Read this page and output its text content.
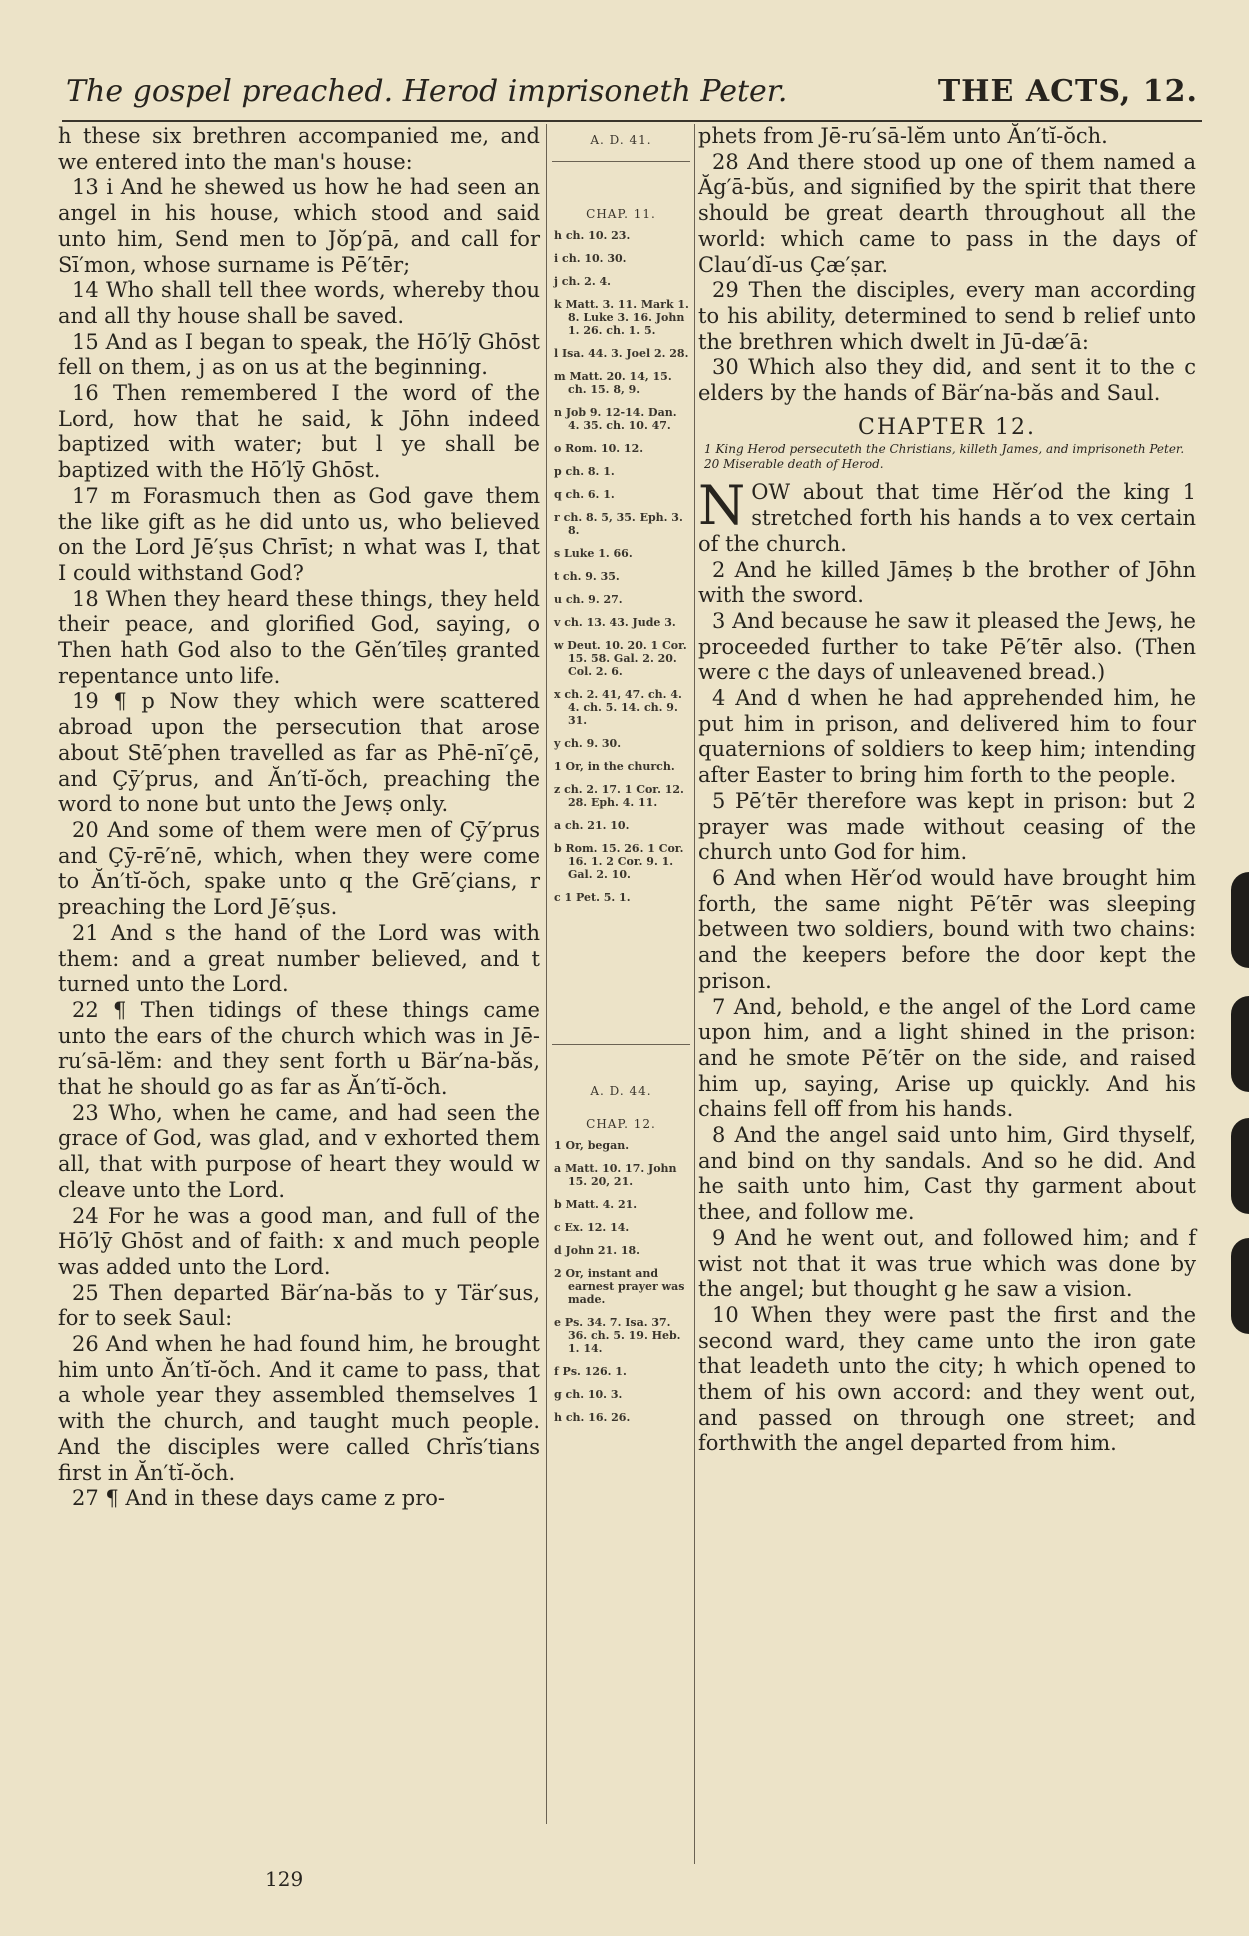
The gospel preached. Herod imprisoneth Peter.	THE ACTS, 12.

h these six brethren accompanied me, and we entered into the man's house:

13 i And he shewed us how he had seen an angel in his house, which stood and said unto him, Send men to Jŏp′pā, and call for Sī′mon, whose surname is Pē′tēr;

14 Who shall tell thee words, whereby thou and all thy house shall be saved.

15 And as I began to speak, the Hō′lȳ Ghōst fell on them, j as on us at the beginning.

16 Then remembered I the word of the Lord, how that he said, k Jōhn indeed baptized with water; but l ye shall be baptized with the Hō′lȳ Ghōst.

17 m Forasmuch then as God gave them the like gift as he did unto us, who believed on the Lord Jē′ṣus Chrīst; n what was I, that I could withstand God?

18 When they heard these things, they held their peace, and glorified God, saying, o Then hath God also to the Gĕn′tīleṣ granted repentance unto life.

19 ¶ p Now they which were scattered abroad upon the persecution that arose about Stē′phen travelled as far as Phē-nī′çē, and Çȳ′prus, and Ăn′tĭ-ŏch, preaching the word to none but unto the Jewṣ only.

20 And some of them were men of Çȳ′prus and Çȳ-rē′nē, which, when they were come to Ăn′tĭ-ŏch, spake unto q the Grē′çians, r preaching the Lord Jē′ṣus.

21 And s the hand of the Lord was with them: and a great number believed, and t turned unto the Lord.

22 ¶ Then tidings of these things came unto the ears of the church which was in Jē-ru′sā-lĕm: and they sent forth u Bär′na-băs, that he should go as far as Ăn′tĭ-ŏch.

23 Who, when he came, and had seen the grace of God, was glad, and v exhorted them all, that with purpose of heart they would w cleave unto the Lord.

24 For he was a good man, and full of the Hō′lȳ Ghōst and of faith: x and much people was added unto the Lord.

25 Then departed Bär′na-băs to y Tär′sus, for to seek Saul:

26 And when he had found him, he brought him unto Ăn′tĭ-ŏch. And it came to pass, that a whole year they assembled themselves 1 with the church, and taught much people. And the disciples were called Chrĭs′tians first in Ăn′tĭ-ŏch.

27 ¶ And in these days came z pro-

A. D. 41.
CHAP. 11.
h ch. 10. 23.
i ch. 10. 30.
j ch. 2. 4.
k Matt. 3. 11. Mark 1. 8. Luke 3. 16. John 1. 26. ch. 1. 5.
l Isa. 44. 3. Joel 2. 28.
m Matt. 20. 14, 15. ch. 15. 8, 9.
n Job 9. 12-14. Dan. 4. 35. ch. 10. 47.
o Rom. 10. 12.
p ch. 8. 1.
q ch. 6. 1.
r ch. 8. 5, 35. Eph. 3. 8.
s Luke 1. 66.
t ch. 9. 35.
u ch. 9. 27.
v ch. 13. 43. Jude 3.
w Deut. 10. 20. 1 Cor. 15. 58. Gal. 2. 20. Col. 2. 6.
x ch. 2. 41, 47. ch. 4. 4. ch. 5. 14. ch. 9. 31.
y ch. 9. 30.
1 Or, in the church.
z ch. 2. 17. 1 Cor. 12. 28. Eph. 4. 11.
a ch. 21. 10.
b Rom. 15. 26. 1 Cor. 16. 1. 2 Cor. 9. 1. Gal. 2. 10.
c 1 Pet. 5. 1.
A. D. 44.
CHAP. 12.
1 Or, began.
a Matt. 10. 17. John 15. 20, 21.
b Matt. 4. 21.
c Ex. 12. 14.
d John 21. 18.
2 Or, instant and earnest prayer was made.
e Ps. 34. 7. Isa. 37. 36. ch. 5. 19. Heb. 1. 14.
f Ps. 126. 1.
g ch. 10. 3.
h ch. 16. 26.

phets from Jē-ru′sā-lĕm unto Ăn′tĭ-ŏch.

28 And there stood up one of them named a Ăg′ā-bŭs, and signified by the spirit that there should be great dearth throughout all the world: which came to pass in the days of Clau′dĭ-us Çæ′ṣar.

29 Then the disciples, every man according to his ability, determined to send b relief unto the brethren which dwelt in Jū-dæ′ā:

30 Which also they did, and sent it to the c elders by the hands of Bär′na-băs and Saul.

CHAPTER 12.
1 King Herod persecuteth the Christians, killeth James, and imprisoneth Peter. 20 Miserable death of Herod.

NOW about that time Hĕr′od the king 1 stretched forth his hands a to vex certain of the church.

2 And he killed Jāmeṣ b the brother of Jōhn with the sword.

3 And because he saw it pleased the Jewṣ, he proceeded further to take Pē′tēr also. (Then were c the days of unleavened bread.)

4 And d when he had apprehended him, he put him in prison, and delivered him to four quaternions of soldiers to keep him; intending after Easter to bring him forth to the people.

5 Pē′tēr therefore was kept in prison: but 2 prayer was made without ceasing of the church unto God for him.

6 And when Hĕr′od would have brought him forth, the same night Pē′tēr was sleeping between two soldiers, bound with two chains: and the keepers before the door kept the prison.

7 And, behold, e the angel of the Lord came upon him, and a light shined in the prison: and he smote Pē′tēr on the side, and raised him up, saying, Arise up quickly. And his chains fell off from his hands.

8 And the angel said unto him, Gird thyself, and bind on thy sandals. And so he did. And he saith unto him, Cast thy garment about thee, and follow me.

9 And he went out, and followed him; and f wist not that it was true which was done by the angel; but thought g he saw a vision.

10 When they were past the first and the second ward, they came unto the iron gate that leadeth unto the city; h which opened to them of his own accord: and they went out, and passed on through one street; and forthwith the angel departed from him.

129
